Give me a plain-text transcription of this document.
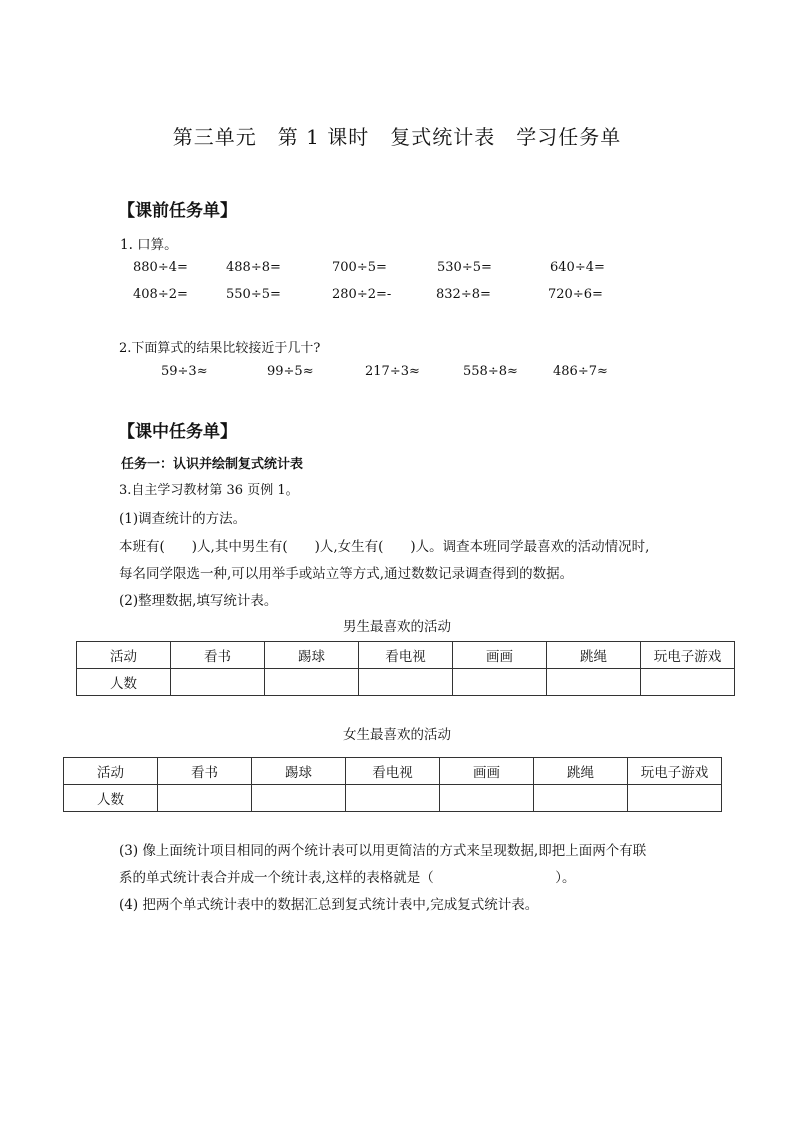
第三单元　第 1 课时　复式统计表　学习任务单
【课前任务单】
1. 口算。
880÷4=	488÷8=	700÷5=	530÷5=	640÷4=
408÷2=	550÷5=	280÷2=-	832÷8=	720÷6=
2.下面算式的结果比较接近于几十?
59÷3≈	99÷5≈	217÷3≈	558÷8≈	486÷7≈
【课中任务单】
任务一：认识并绘制复式统计表
3.自主学习教材第 36 页例 1。
(1)调查统计的方法。
本班有(　　)人,其中男生有(　　)人,女生有(　　)人。调查本班同学最喜欢的活动情况时,
每名同学限选一种,可以用举手或站立等方式,通过数数记录调查得到的数据。
(2)整理数据,填写统计表。
男生最喜欢的活动
活动	看书	踢球	看电视	画画	跳绳	玩电子游戏
人数						
女生最喜欢的活动
活动	看书	踢球	看电视	画画	跳绳	玩电子游戏
人数						
(3) 像上面统计项目相同的两个统计表可以用更简洁的方式来呈现数据,即把上面两个有联
系的单式统计表合并成一个统计表,这样的表格就是（　　　　　　　　　）。
(4) 把两个单式统计表中的数据汇总到复式统计表中,完成复式统计表。
